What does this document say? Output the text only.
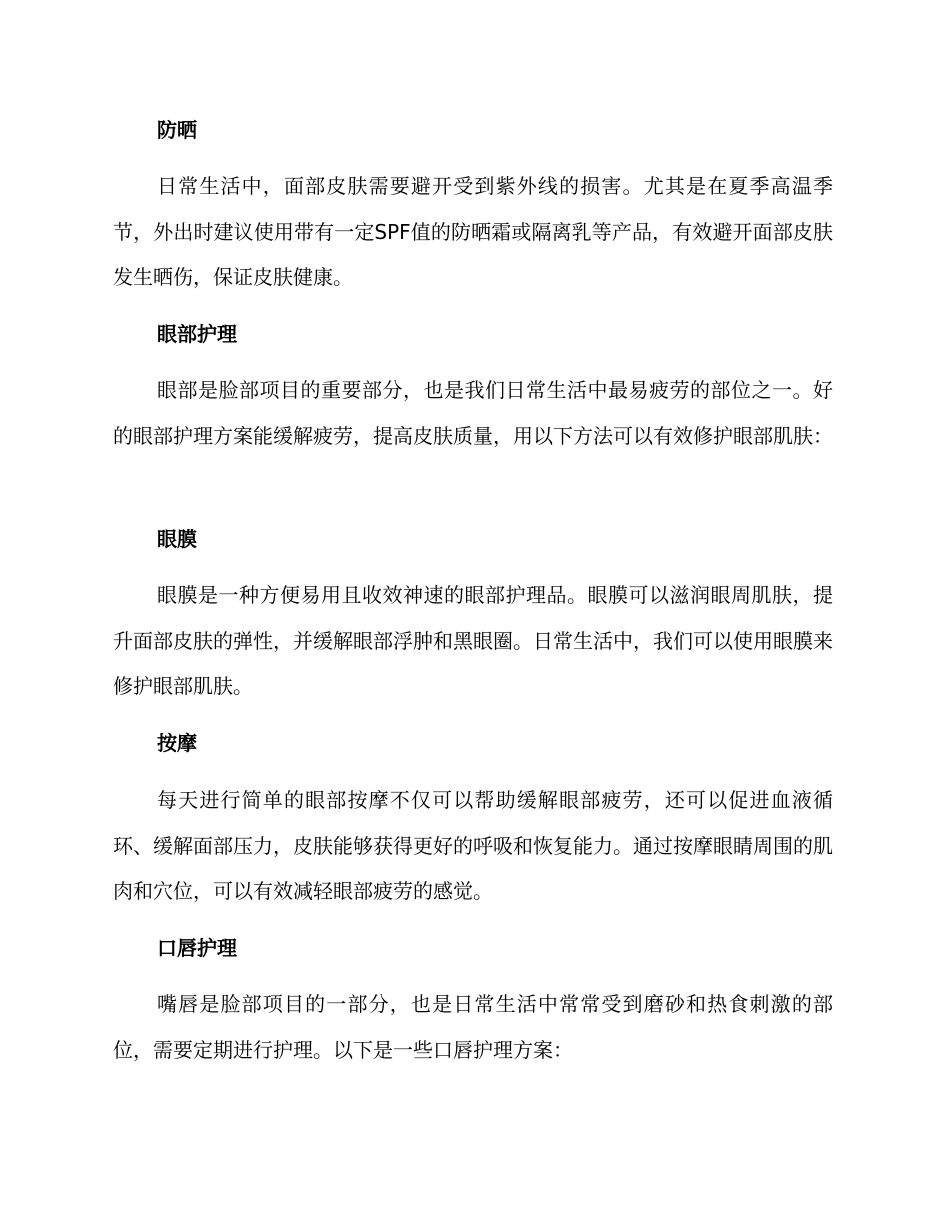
防晒
日常生活中，面部皮肤需要避开受到紫外线的损害。尤其是在夏季高温季节，外出时建议使用带有一定SPF值的防晒霜或隔离乳等产品，有效避开面部皮肤发生晒伤，保证皮肤健康。
眼部护理
眼部是脸部项目的重要部分，也是我们日常生活中最易疲劳的部位之一。好的眼部护理方案能缓解疲劳，提高皮肤质量，用以下方法可以有效修护眼部肌肤：
眼膜
眼膜是一种方便易用且收效神速的眼部护理品。眼膜可以滋润眼周肌肤，提升面部皮肤的弹性，并缓解眼部浮肿和黑眼圈。日常生活中，我们可以使用眼膜来修护眼部肌肤。
按摩
每天进行简单的眼部按摩不仅可以帮助缓解眼部疲劳，还可以促进血液循环、缓解面部压力，皮肤能够获得更好的呼吸和恢复能力。通过按摩眼睛周围的肌肉和穴位，可以有效减轻眼部疲劳的感觉。
口唇护理
嘴唇是脸部项目的一部分，也是日常生活中常常受到磨砂和热食刺激的部位，需要定期进行护理。以下是一些口唇护理方案：
